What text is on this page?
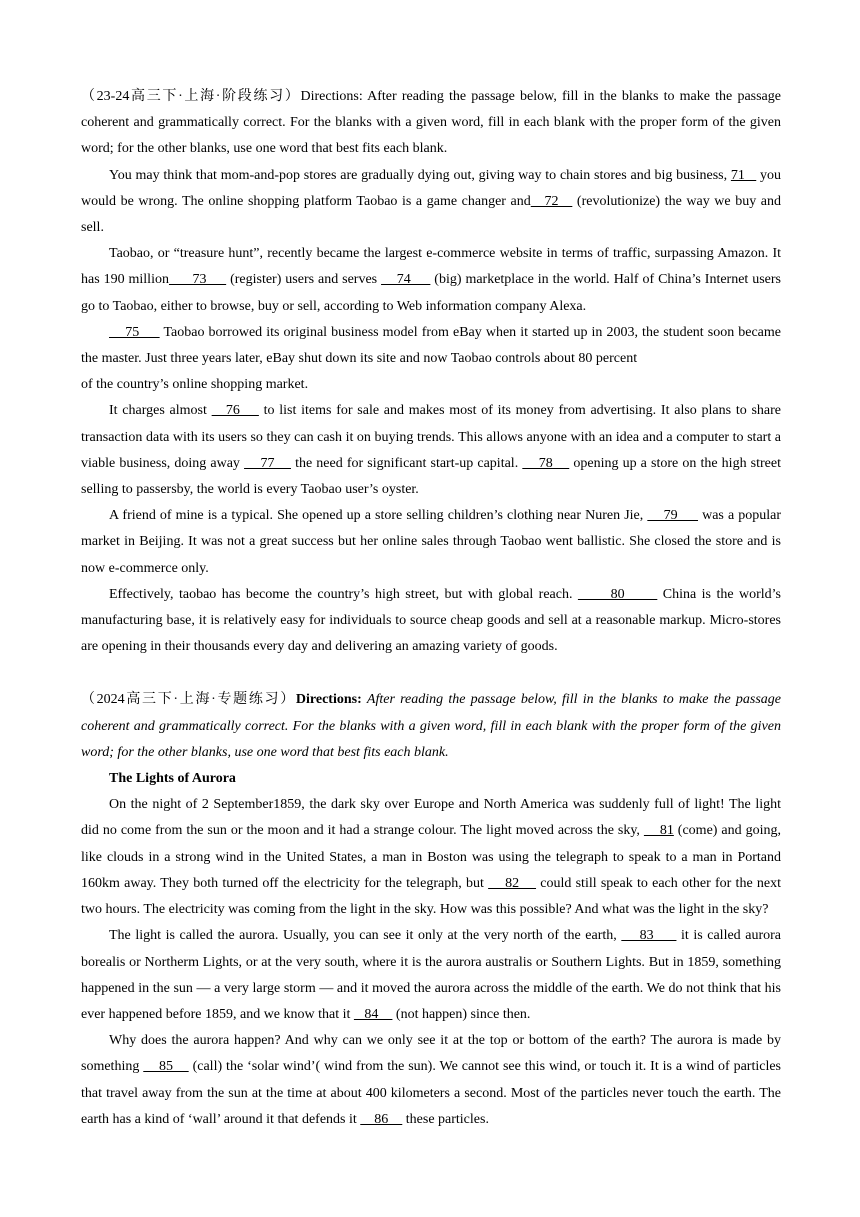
（23-24高三下·上海·阶段练习）Directions: After reading the passage below, fill in the blanks to make the passage coherent and grammatically correct. For the blanks with a given word, fill in each blank with the proper form of the given word; for the other blanks, use one word that best fits each blank.

You may think that mom-and-pop stores are gradually dying out, giving way to chain stores and big business, 71    you would be wrong. The online shopping platform Taobao is a game changer and   72    (revolutionize) the way we buy and sell.

Taobao, or “treasure hunt”, recently became the largest e-commerce website in terms of traffic, surpassing Amazon. It has 190 million      73      (register) users and serves     74      (big) marketplace in the world. Half of China’s Internet users go to Taobao, either to browse, buy or sell, according to Web information company Alexa.

75      Taobao borrowed its original business model from eBay when it started up in 2003, the student soon became the master. Just three years later, eBay shut down its site and now Taobao controls about 80 percent

of the country’s online shopping market.

It charges almost    76     to list items for sale and makes most of its money from advertising. It also plans to share transaction data with its users so they can cash it on buying trends. This allows anyone with an idea and a computer to start a viable business, doing away     77     the need for significant start-up capital.     78     opening up a store on the high street selling to passersby, the world is every Taobao user’s oyster.

A friend of mine is a typical. She opened up a store selling children’s clothing near Nuren Jie,     79      was a popular market in Beijing. It was not a great success but her online sales through Taobao went ballistic. She closed the store and is now e-commerce only.

Effectively, taobao has become the country’s high street, but with global reach.       80       China is the world’s manufacturing base, it is relatively easy for individuals to source cheap goods and sell at a reasonable markup. Micro-stores are opening in their thousands every day and delivering an amazing variety of goods.

（2024高三下·上海·专题练习）Directions: After reading the passage below, fill in the blanks to make the passage coherent and grammatically correct. For the blanks with a given word, fill in each blank with the proper form of the given word; for the other blanks, use one word that best fits each blank.

The Lights of Aurora

On the night of 2 September1859, the dark sky over Europe and North America was suddenly full of light! The light did no come from the sun or the moon and it had a strange colour. The light moved across the sky,     81 (come) and going, like clouds in a strong wind in the United States, a man in Boston was using the telegraph to speak to a man in Portand 160km away. They both turned off the electricity for the telegraph, but     82     could still speak to each other for the next two hours. The electricity was coming from the light in the sky. How was this possible? And what was the light in the sky?

The light is called the aurora. Usually, you can see it only at the very north of the earth,     83      it is called aurora borealis or Northerm Lights, or at the very south, where it is the aurora australis or Southern Lights. But in 1859, something happened in the sun — a very large storm — and it moved the aurora across the middle of the earth. We do not think that his ever happened before 1859, and we know that it    84     (not happen) since then.

Why does the aurora happen? And why can we only see it at the top or bottom of the earth? The aurora is made by something     85     (call) the ‘solar wind’( wind from the sun). We cannot see this wind, or touch it. It is a wind of particles that travel away from the sun at the time at about 400 kilometers a second. Most of the particles never touch the earth. The earth has a kind of ‘wall’ around it that defends it     86     these particles.
